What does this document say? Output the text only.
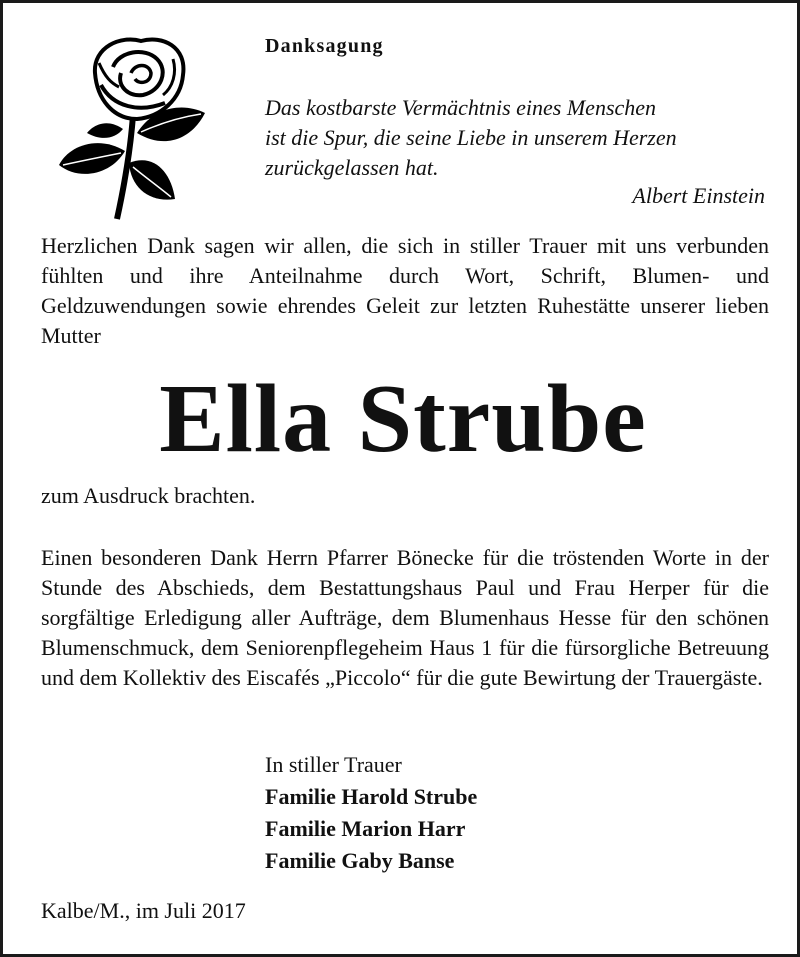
Danksagung
Das kostbarste Vermächtnis eines Menschen
ist die Spur, die seine Liebe in unserem Herzen
zurückgelassen hat.
Albert Einstein
Herzlichen Dank sagen wir allen, die sich in stiller Trauer mit uns verbunden fühlten und ihre Anteilnahme durch Wort, Schrift, Blumen- und Geldzuwendungen sowie ehrendes Geleit zur letzten Ruhestätte unserer lieben Mutter
Ella Strube
zum Ausdruck brachten.
Einen besonderen Dank Herrn Pfarrer Bönecke für die tröstenden Worte in der Stunde des Abschieds, dem Bestattungshaus Paul und Frau Herper für die sorgfältige Erledigung aller Aufträge, dem Blumenhaus Hesse für den schönen Blumenschmuck, dem Seniorenpflegeheim Haus 1 für die fürsorgliche Betreuung und dem Kollektiv des Eiscafés „Piccolo“ für die gute Bewirtung der Trauergäste.
In stiller Trauer
Familie Harold Strube
Familie Marion Harr
Familie Gaby Banse
Kalbe/M., im Juli 2017
